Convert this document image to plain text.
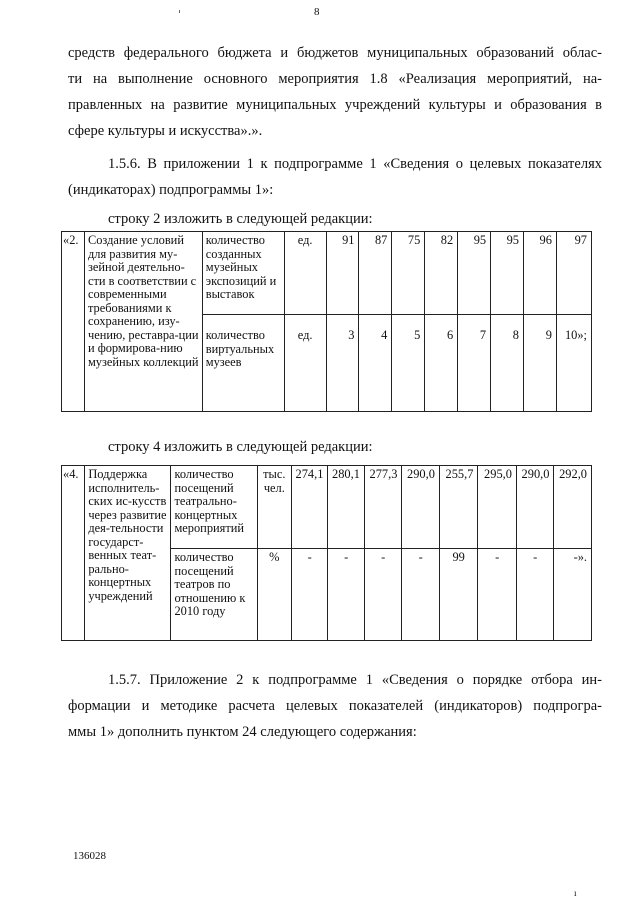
8
средств федерального бюджета и бюджетов муниципальных образований облас-
ти на выполнение основного мероприятия 1.8 «Реализация мероприятий, на-
правленных на развитие муниципальных учреждений культуры и образования в
сфере культуры и искусства».».
1.5.6. В приложении 1 к подпрограмме 1 «Сведения о целевых показателях
(индикаторах) подпрограммы 1»:
строку 2 изложить в следующей редакции:
«2.	Создание условий для развития му-зейной деятельно-сти в соответствии с современными требованиями к сохранению, изу-чению, реставра-ции и формирова-нию музейных коллекций	количество созданных музейных экспозиций и выставок	ед.	91	87	75	82	95	95	96	97
		количество виртуальных музеев	ед.	3	4	5	6	7	8	9	10»;
строку 4 изложить в следующей редакции:
«4.	Поддержка исполнитель-ских ис-кусств через развитие дея-тельности государст-венных теат-рально-концертных учреждений	количество посещений театрально-концертных мероприятий	тыс. чел.	274,1	280,1	277,3	290,0	255,7	295,0	290,0	292,0
		количество посещений театров по отношению к 2010 году	%	-	-	-	-	99	-	-	-».
1.5.7. Приложение 2 к подпрограмме 1 «Сведения о порядке отбора ин-
формации и методике расчета целевых показателей (индикаторов) подпрогра-
ммы 1» дополнить пунктом 24 следующего содержания:
136028
ı
